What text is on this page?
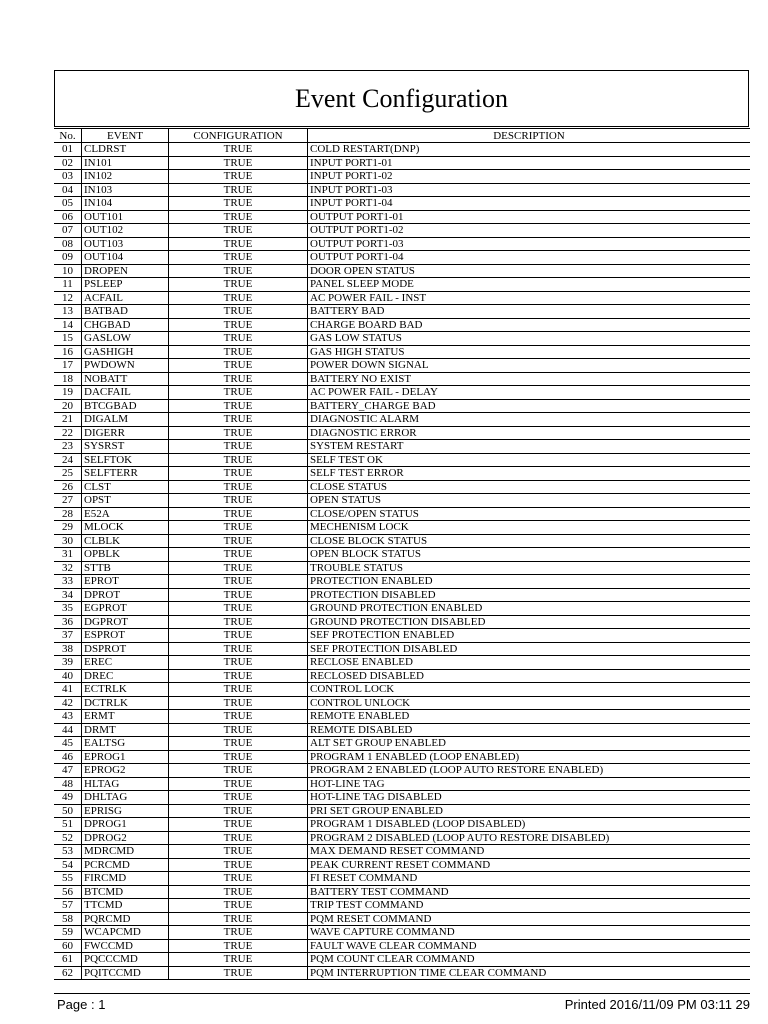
Event Configuration
No.	EVENT	CONFIGURATION	DESCRIPTION
01	CLDRST	TRUE	COLD RESTART(DNP)
02	IN101	TRUE	INPUT PORT1-01
03	IN102	TRUE	INPUT PORT1-02
04	IN103	TRUE	INPUT PORT1-03
05	IN104	TRUE	INPUT PORT1-04
06	OUT101	TRUE	OUTPUT PORT1-01
07	OUT102	TRUE	OUTPUT PORT1-02
08	OUT103	TRUE	OUTPUT PORT1-03
09	OUT104	TRUE	OUTPUT PORT1-04
10	DROPEN	TRUE	DOOR OPEN STATUS
11	PSLEEP	TRUE	PANEL SLEEP MODE
12	ACFAIL	TRUE	AC POWER FAIL - INST
13	BATBAD	TRUE	BATTERY BAD
14	CHGBAD	TRUE	CHARGE BOARD BAD
15	GASLOW	TRUE	GAS LOW STATUS
16	GASHIGH	TRUE	GAS HIGH STATUS
17	PWDOWN	TRUE	POWER DOWN SIGNAL
18	NOBATT	TRUE	BATTERY NO EXIST
19	DACFAIL	TRUE	AC POWER FAIL - DELAY
20	BTCGBAD	TRUE	BATTERY_CHARGE BAD
21	DIGALM	TRUE	DIAGNOSTIC ALARM
22	DIGERR	TRUE	DIAGNOSTIC ERROR
23	SYSRST	TRUE	SYSTEM RESTART
24	SELFTOK	TRUE	SELF TEST OK
25	SELFTERR	TRUE	SELF TEST ERROR
26	CLST	TRUE	CLOSE STATUS
27	OPST	TRUE	OPEN STATUS
28	E52A	TRUE	CLOSE/OPEN STATUS
29	MLOCK	TRUE	MECHENISM LOCK
30	CLBLK	TRUE	CLOSE BLOCK STATUS
31	OPBLK	TRUE	OPEN BLOCK STATUS
32	STTB	TRUE	TROUBLE STATUS
33	EPROT	TRUE	PROTECTION ENABLED
34	DPROT	TRUE	PROTECTION DISABLED
35	EGPROT	TRUE	GROUND PROTECTION ENABLED
36	DGPROT	TRUE	GROUND PROTECTION DISABLED
37	ESPROT	TRUE	SEF PROTECTION ENABLED
38	DSPROT	TRUE	SEF PROTECTION DISABLED
39	EREC	TRUE	RECLOSE ENABLED
40	DREC	TRUE	RECLOSED DISABLED
41	ECTRLK	TRUE	CONTROL LOCK
42	DCTRLK	TRUE	CONTROL UNLOCK
43	ERMT	TRUE	REMOTE ENABLED
44	DRMT	TRUE	REMOTE DISABLED
45	EALTSG	TRUE	ALT SET GROUP ENABLED
46	EPROG1	TRUE	PROGRAM 1 ENABLED (LOOP ENABLED)
47	EPROG2	TRUE	PROGRAM 2 ENABLED (LOOP AUTO RESTORE ENABLED)
48	HLTAG	TRUE	HOT-LINE TAG
49	DHLTAG	TRUE	HOT-LINE TAG DISABLED
50	EPRISG	TRUE	PRI SET GROUP ENABLED
51	DPROG1	TRUE	PROGRAM 1 DISABLED (LOOP DISABLED)
52	DPROG2	TRUE	PROGRAM 2 DISABLED (LOOP AUTO RESTORE DISABLED)
53	MDRCMD	TRUE	MAX DEMAND RESET COMMAND
54	PCRCMD	TRUE	PEAK CURRENT RESET COMMAND
55	FIRCMD	TRUE	FI RESET COMMAND
56	BTCMD	TRUE	BATTERY TEST COMMAND
57	TTCMD	TRUE	TRIP TEST COMMAND
58	PQRCMD	TRUE	PQM RESET COMMAND
59	WCAPCMD	TRUE	WAVE CAPTURE COMMAND
60	FWCCMD	TRUE	FAULT WAVE CLEAR COMMAND
61	PQCCCMD	TRUE	PQM COUNT CLEAR COMMAND
62	PQITCCMD	TRUE	PQM INTERRUPTION TIME CLEAR COMMAND
Page : 1	Printed 2016/11/09 PM 03:11 29
